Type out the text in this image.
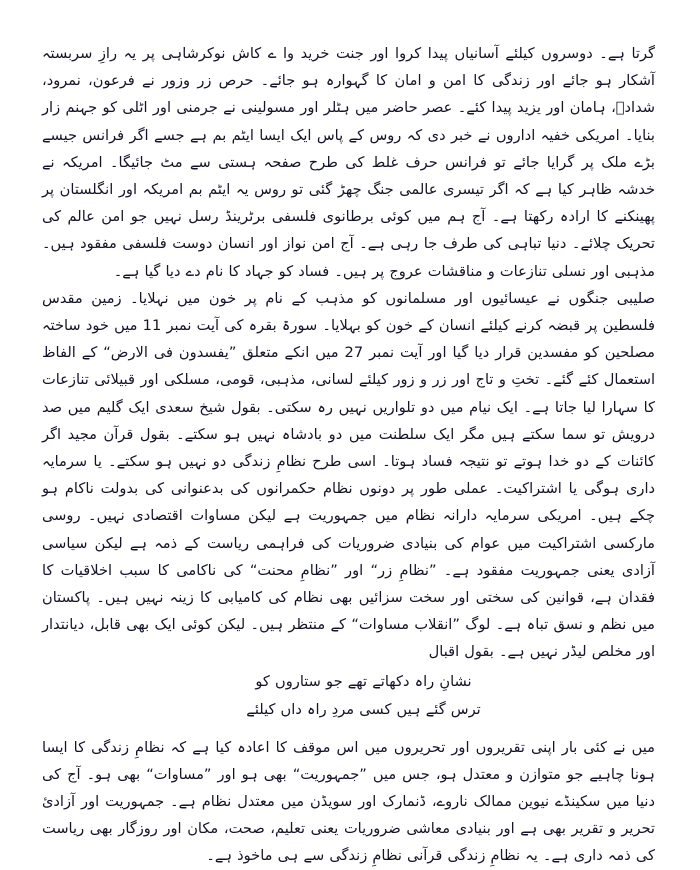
گرتا ہے۔ دوسروں کیلئے آسانیاں پیدا کروا اور جنت خرید وا ے کاش نوکرشاہی پر یہ رازِ سربستہ آشکار ہو جائے اور زندگی کا امن و امان کا گہوارہ ہو جائے۔ حرص زر وزور نے فرعون، نمرود، شدادؒ، ہامان اور یزید پیدا کئے۔ عصر حاضر میں ہٹلر اور مسولینی نے جرمنی اور اٹلی کو جہنم زار بنایا۔ امریکی خفیہ اداروں نے خبر دی کہ روس کے پاس ایک ایسا ایٹم بم ہے جسے اگر فرانس جیسے بڑے ملک پر گرایا جائے تو فرانس حرف غلط کی طرح صفحہ ہستی سے مٹ جائیگا۔ امریکہ نے خدشہ ظاہر کیا ہے کہ اگر تیسری عالمی جنگ چھڑ گئی تو روس یہ ایٹم بم امریکہ اور انگلستان پر پھینکنے کا ارادہ رکھتا ہے۔ آج ہم میں کوئی برطانوی فلسفی برٹرینڈ رسل نہیں جو امن عالم کی تحریک چلائے۔ دنیا تباہی کی طرف جا رہی ہے۔ آج امن نواز اور انسان دوست فلسفی مفقود ہیں۔ مذہبی اور نسلی تنازعات و مناقشات عروج پر ہیں۔ فساد کو جہاد کا نام دے دیا گیا ہے۔

صلیبی جنگوں نے عیسائیوں اور مسلمانوں کو مذہب کے نام پر خون میں نہلایا۔ زمین مقدس فلسطین پر قبضہ کرنے کیلئے انسان کے خون کو بہلایا۔ سورۃ بقرہ کی آیت نمبر 11 میں خود ساختہ مصلحین کو مفسدین قرار دیا گیا اور آیت نمبر 27 میں انکے متعلق ”یفسدون فی الارض“ کے الفاظ استعمال کئے گئے۔ تختِ و تاج اور زر و زور کیلئے لسانی، مذہبی، قومی، مسلکی اور قبیلائی تنازعات کا سہارا لیا جاتا ہے۔ ایک نیام میں دو تلواریں نہیں رہ سکتی۔ بقول شیخ سعدی ایک گلیم میں صد درویش تو سما سکتے ہیں مگر ایک سلطنت میں دو بادشاہ نہیں ہو سکتے۔ بقول قرآن مجید اگر کائنات کے دو خدا ہوتے تو نتیجہ فساد ہوتا۔ اسی طرح نظامِ زندگی دو نہیں ہو سکتے۔ یا سرمایہ داری ہوگی یا اشتراکیت۔ عملی طور پر دونوں نظام حکمرانوں کی بدعنوانی کی بدولت ناکام ہو چکے ہیں۔ امریکی سرمایہ دارانہ نظام میں جمہوریت ہے لیکن مساوات اقتصادی نہیں۔ روسی مارکسی اشتراکیت میں عوام کی بنیادی ضروریات کی فراہمی ریاست کے ذمہ ہے لیکن سیاسی آزادی یعنی جمہوریت مفقود ہے۔ ”نظامِ زر“ اور ”نظامِ محنت“ کی ناکامی کا سبب اخلاقیات کا فقدان ہے، قوانین کی سختی اور سخت سزائیں بھی نظام کی کامیابی کا زینہ نہیں ہیں۔ پاکستان میں نظم و نسق تباہ ہے۔ لوگ ”انقلاب مساوات“ کے منتظر ہیں۔ لیکن کوئی ایک بھی قابل، دیانتدار اور مخلص لیڈر نہیں ہے۔ بقول اقبال

نشانِ راہ دکھاتے تھے جو ستاروں کو

ترس گئے ہیں کسی مردِ راہ داں کیلئے

میں نے کئی بار اپنی تقریروں اور تحریروں میں اس موقف کا اعادہ کیا ہے کہ نظامِ زندگی کا ایسا ہونا چاہیے جو متوازن و معتدل ہو، جس میں ”جمہوریت“ بھی ہو اور ”مساوات“ بھی ہو۔ آج کی دنیا میں سکینڈے نیوین ممالک ناروے، ڈنمارک اور سویڈن میں معتدل نظام ہے۔ جمہوریت اور آزادیٔ تحریر و تقریر بھی ہے اور بنیادی معاشی ضروریات یعنی تعلیم، صحت، مکان اور روزگار بھی ریاست کی ذمہ داری ہے۔ یہ نظامِ زندگی قرآنی نظامِ زندگی سے ہی ماخوذ ہے۔
